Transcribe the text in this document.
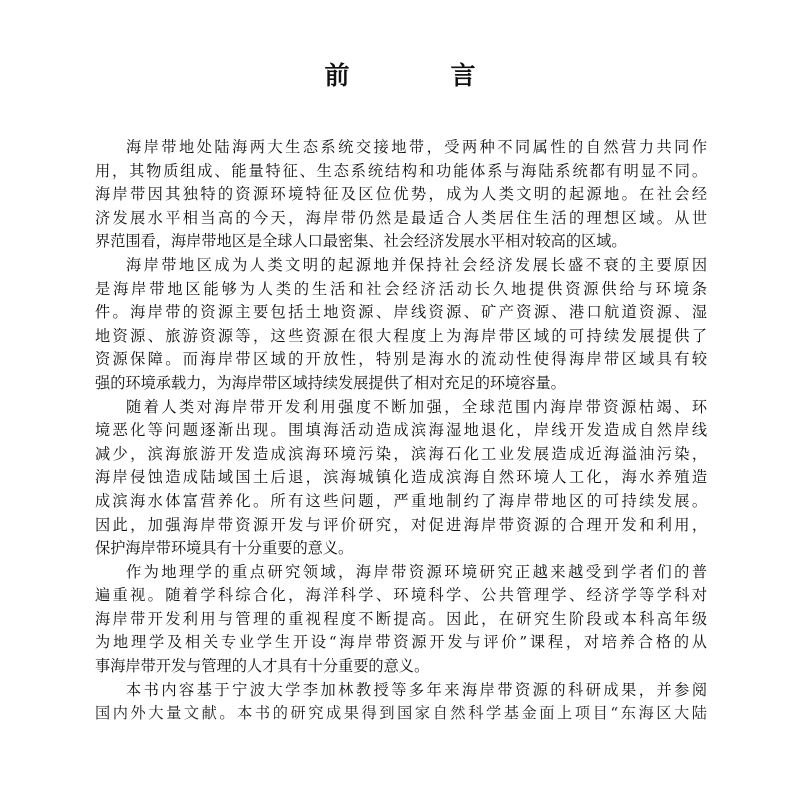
前　言
海岸带地处陆海两大生态系统交接地带，受两种不同属性的自然营力共同作
用，其物质组成、能量特征、生态系统结构和功能体系与海陆系统都有明显不同。
海岸带因其独特的资源环境特征及区位优势，成为人类文明的起源地。在社会经
济发展水平相当高的今天，海岸带仍然是最适合人类居住生活的理想区域。从世
界范围看，海岸带地区是全球人口最密集、社会经济发展水平相对较高的区域。
海岸带地区成为人类文明的起源地并保持社会经济发展长盛不衰的主要原因
是海岸带地区能够为人类的生活和社会经济活动长久地提供资源供给与环境条
件。海岸带的资源主要包括土地资源、岸线资源、矿产资源、港口航道资源、湿
地资源、旅游资源等，这些资源在很大程度上为海岸带区域的可持续发展提供了
资源保障。而海岸带区域的开放性，特别是海水的流动性使得海岸带区域具有较
强的环境承载力，为海岸带区域持续发展提供了相对充足的环境容量。
随着人类对海岸带开发利用强度不断加强，全球范围内海岸带资源枯竭、环
境恶化等问题逐渐出现。围填海活动造成滨海湿地退化，岸线开发造成自然岸线
减少，滨海旅游开发造成滨海环境污染，滨海石化工业发展造成近海溢油污染，
海岸侵蚀造成陆域国土后退，滨海城镇化造成滨海自然环境人工化，海水养殖造
成滨海水体富营养化。所有这些问题，严重地制约了海岸带地区的可持续发展。
因此，加强海岸带资源开发与评价研究，对促进海岸带资源的合理开发和利用，
保护海岸带环境具有十分重要的意义。
作为地理学的重点研究领域，海岸带资源环境研究正越来越受到学者们的普
遍重视。随着学科综合化，海洋科学、环境科学、公共管理学、经济学等学科对
海岸带开发利用与管理的重视程度不断提高。因此，在研究生阶段或本科高年级
为地理学及相关专业学生开设“海岸带资源开发与评价”课程，对培养合格的从
事海岸带开发与管理的人才具有十分重要的意义。
本书内容基于宁波大学李加林教授等多年来海岸带资源的科研成果，并参阅
国内外大量文献。本书的研究成果得到国家自然科学基金面上项目“东海区大陆
